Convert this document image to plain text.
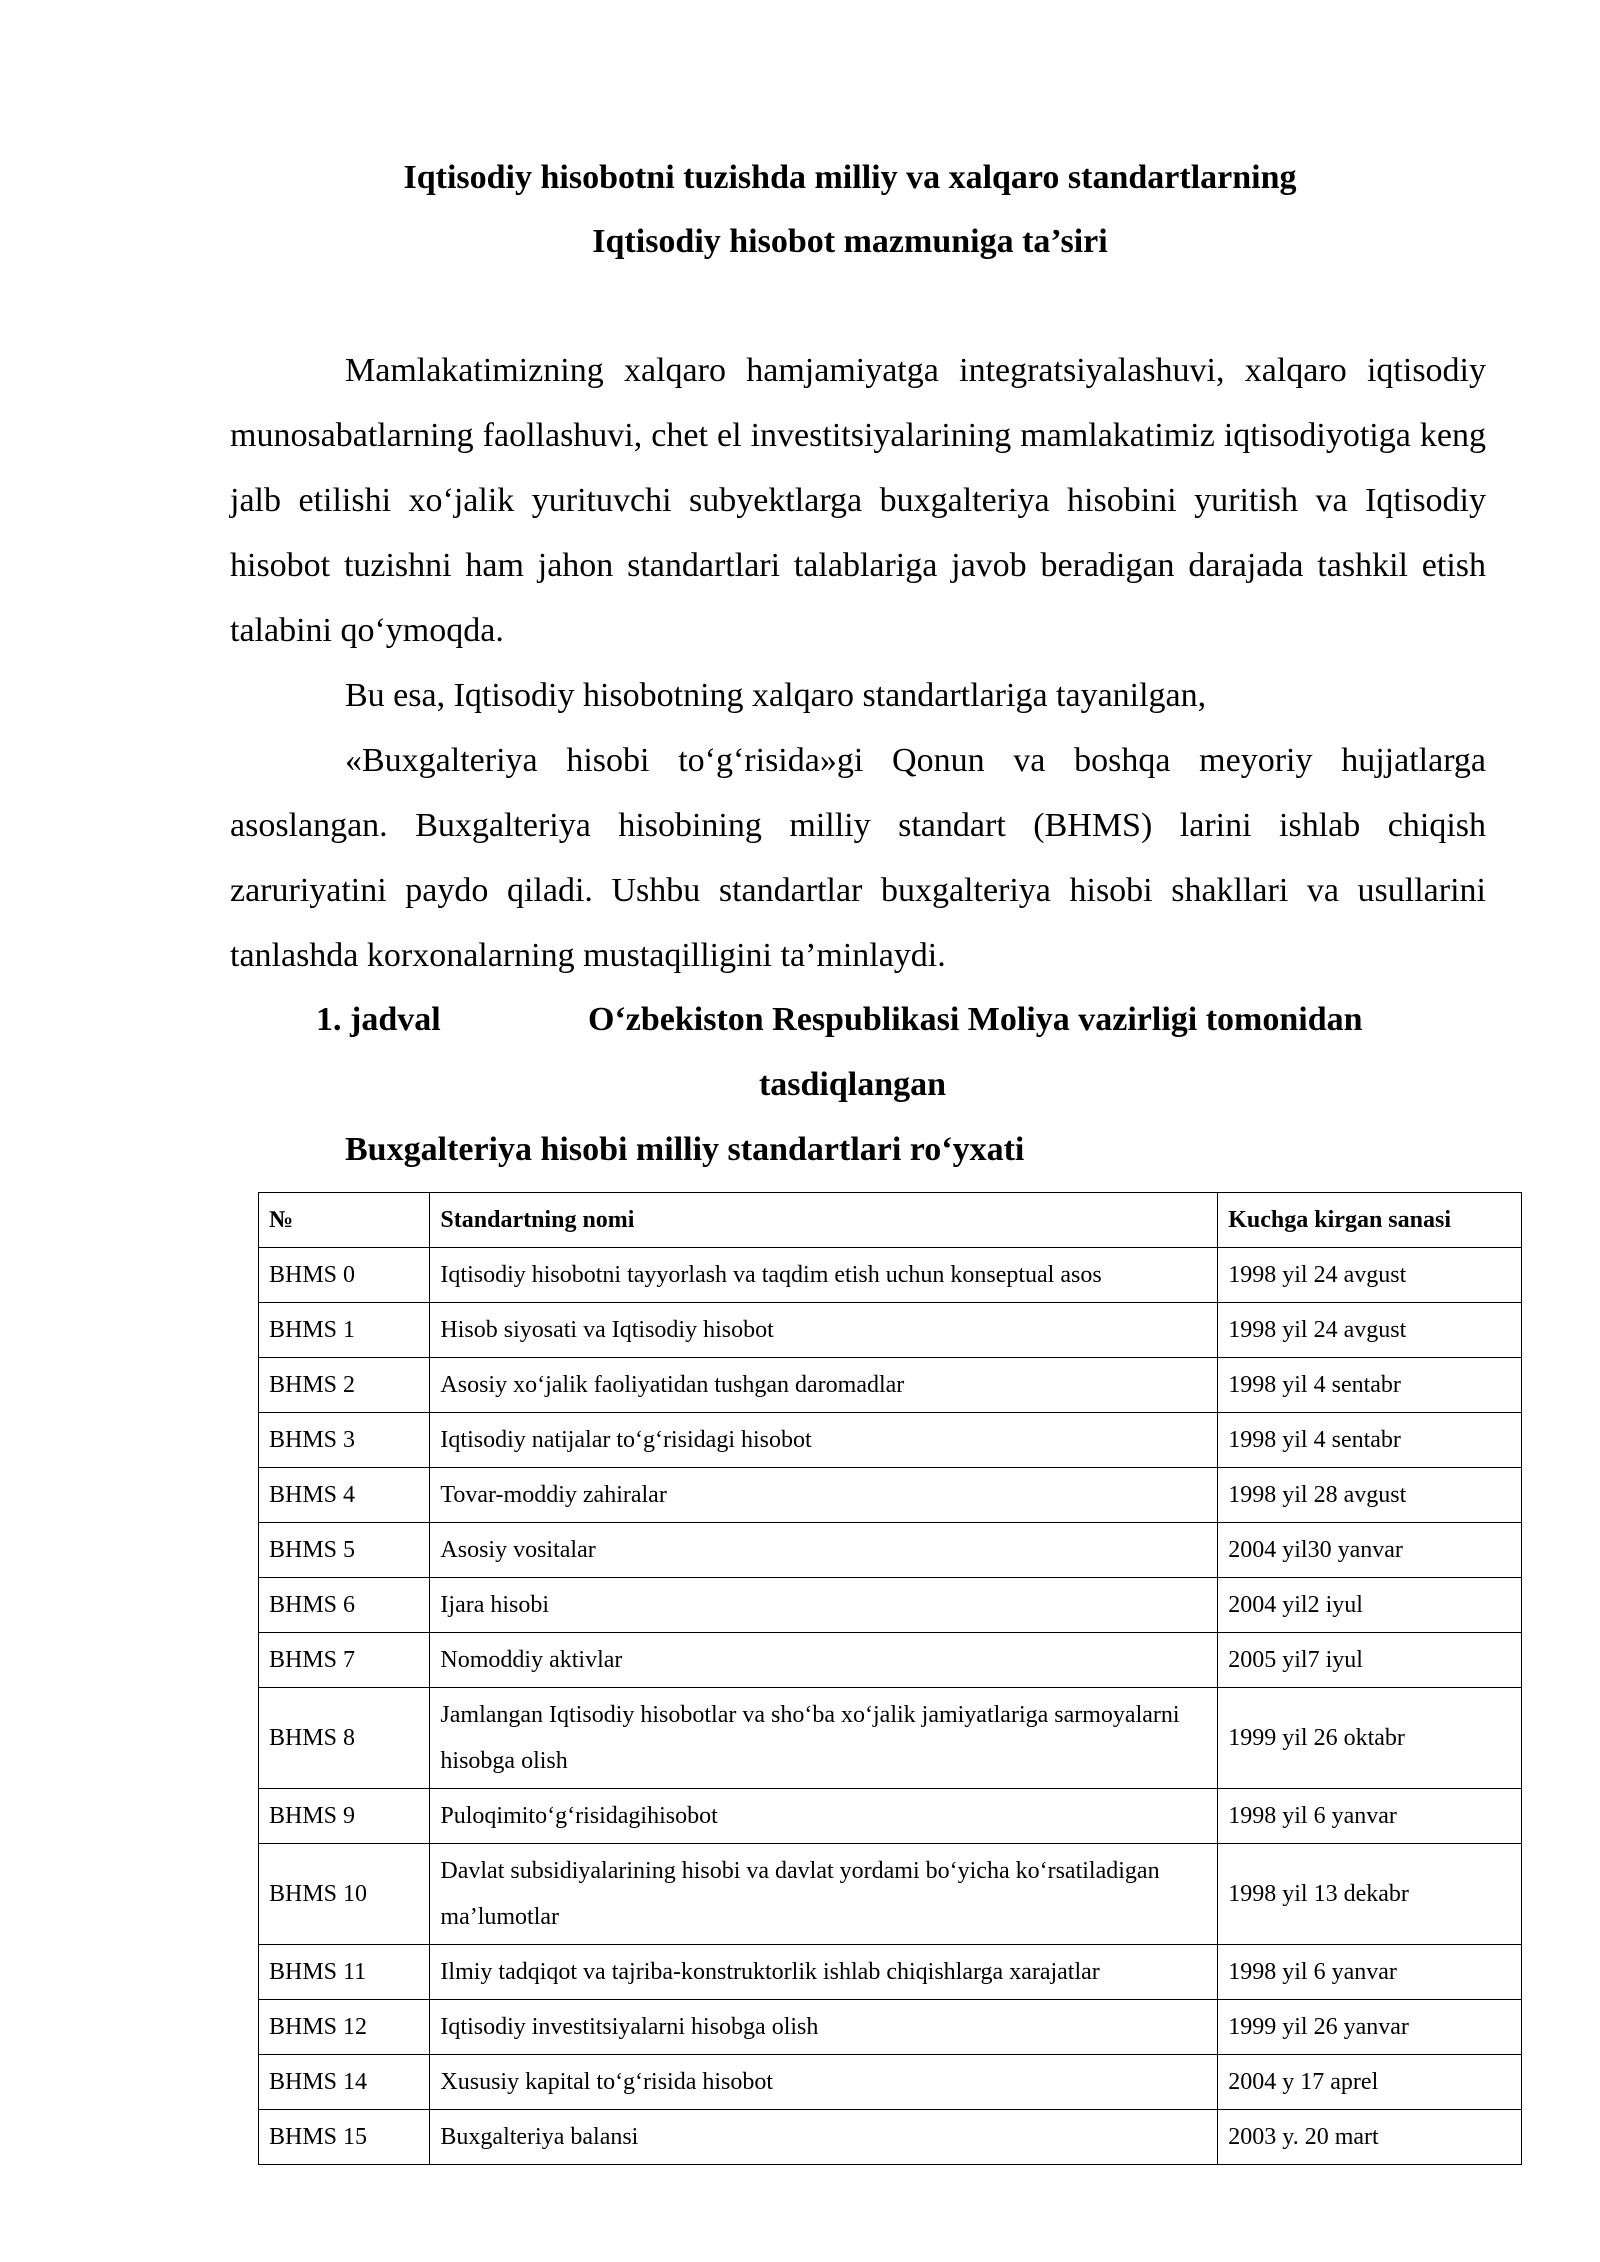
Iqtisodiy hisobotni tuzishda milliy va xalqaro standartlarning
Iqtisodiy hisobot mazmuniga ta’siri
Mamlakatimizning xalqaro hamjamiyatga integratsiyalashuvi, xalqaro iqtisodiy munosabatlarning faollashuvi, chet el investitsiyalarining mamlakatimiz iqtisodiyotiga keng jalb etilishi xo‘jalik yurituvchi subyektlarga buxgalteriya hisobini yuritish va Iqtisodiy hisobot tuzishni ham jahon standartlari talablariga javob beradigan darajada tashkil etish talabini qo‘ymoqda.
Bu esa, Iqtisodiy hisobotning xalqaro standartlariga tayanilgan,
«Buxgalteriya hisobi to‘g‘risida»gi Qonun va boshqa meyoriy hujjatlarga asoslangan. Buxgalteriya hisobining milliy standart (BHMS) larini ishlab chiqish zaruriyatini paydo qiladi. Ushbu standartlar buxgalteriya hisobi shakllari va usullarini tanlashda korxonalarning mustaqilligini ta’minlaydi.
1. jadval	O‘zbekiston Respublikasi Moliya vazirligi tomonidan
tasdiqlangan
Buxgalteriya hisobi milliy standartlari ro‘yxati
№	Standartning nomi	Kuchga kirgan sanasi
BHMS 0	Iqtisodiy hisobotni tayyorlash va taqdim etish uchun konseptual asos	1998 yil 24 avgust
BHMS 1	Hisob siyosati va Iqtisodiy hisobot	1998 yil 24 avgust
BHMS 2	Asosiy xo‘jalik faoliyatidan tushgan daromadlar	1998 yil 4 sentabr
BHMS 3	Iqtisodiy natijalar to‘g‘risidagi hisobot	1998 yil 4 sentabr
BHMS 4	Tovar-moddiy zahiralar	1998 yil 28 avgust
BHMS 5	Asosiy vositalar	2004 yil30 yanvar
BHMS 6	Ijara hisobi	2004 yil2 iyul
BHMS 7	Nomoddiy aktivlar	2005 yil7 iyul
BHMS 8	Jamlangan Iqtisodiy hisobotlar va sho‘ba xo‘jalik jamiyatlariga sarmoyalarni hisobga olish	1999 yil 26 oktabr
BHMS 9	Puloqimito‘g‘risidagihisobot	1998 yil 6 yanvar
BHMS 10	Davlat subsidiyalarining hisobi va davlat yordami bo‘yicha ko‘rsatiladigan ma’lumotlar	1998 yil 13 dekabr
BHMS 11	Ilmiy tadqiqot va tajriba-konstruktorlik ishlab chiqishlarga xarajatlar	1998 yil 6 yanvar
BHMS 12	Iqtisodiy investitsiyalarni hisobga olish	1999 yil 26 yanvar
BHMS 14	Xususiy kapital to‘g‘risida hisobot	2004 y 17 aprel
BHMS 15	Buxgalteriya balansi	2003 y. 20 mart
